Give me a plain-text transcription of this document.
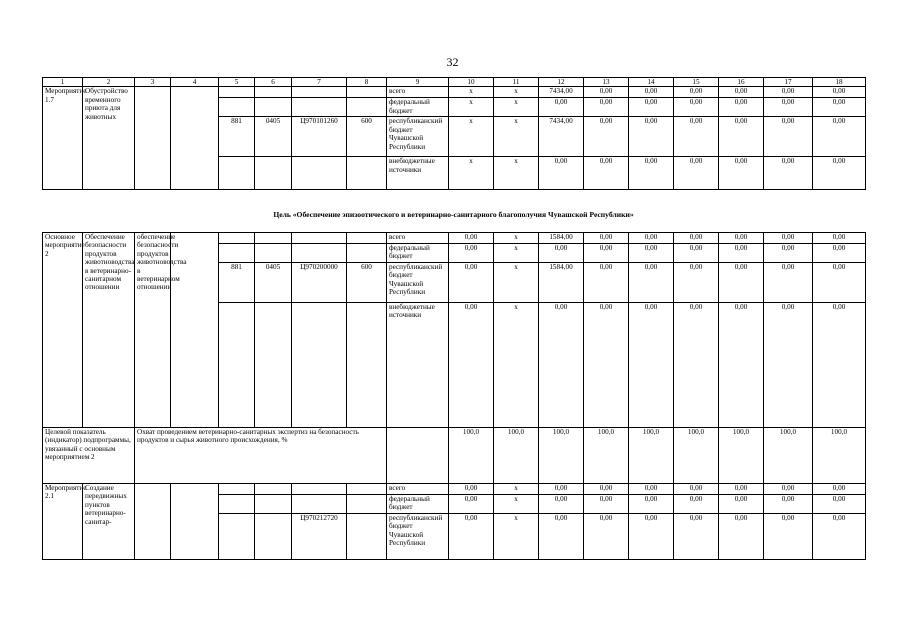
32
1	2	3	4	5	6	7	8	9	10	11	12	13	14	15	16	17	18
Мероприятие 1.7	Обустройство временного приюта для животных							всего	x	x	7434,00	0,00	0,00	0,00	0,00	0,00	0,00
								федеральный бюджет	x	x	0,00	0,00	0,00	0,00	0,00	0,00	0,00
				881	0405	Ц970101260	600	республиканский бюджет Чувашской Республики	x	x	7434,00	0,00	0,00	0,00	0,00	0,00	0,00
								внебюджетные источники	x	x	0,00	0,00	0,00	0,00	0,00	0,00	0,00
Цель «Обеспечение эпизоотического и ветеринарно-санитарного благополучия Чувашской Республики»
Основное мероприятие 2	Обеспечение безопасности продуктов животноводства в ветеринарно-санитарном отношении	обеспечение безопасности продуктов животноводства в ветеринарном отношении						всего	0,00	x	1584,00	0,00	0,00	0,00	0,00	0,00	0,00
								федеральный бюджет	0,00	x	0,00	0,00	0,00	0,00	0,00	0,00	0,00
				881	0405	Ц970200000	600	республиканский бюджет Чувашской Республики	0,00	x	1584,00	0,00	0,00	0,00	0,00	0,00	0,00
								внебюджетные источники	0,00	x	0,00	0,00	0,00	0,00	0,00	0,00	0,00
Целевой показатель (индикатор) подпрограммы, увязанный с основным мероприятием 2		Охват проведением ветеринарно-санитарных экспертиз на безопасность продуктов и сырья животного происхождения, %							100,0	100,0	100,0	100,0	100,0	100,0	100,0	100,0	100,0
Мероприятие 2.1	Создание передвижных пунктов ветеринарно-санитар-							всего	0,00	x	0,00	0,00	0,00	0,00	0,00	0,00	0,00
								федеральный бюджет	0,00	x	0,00	0,00	0,00	0,00	0,00	0,00	0,00
						Ц970212720		республиканский бюджет Чувашской Республики	0,00	x	0,00	0,00	0,00	0,00	0,00	0,00	0,00
